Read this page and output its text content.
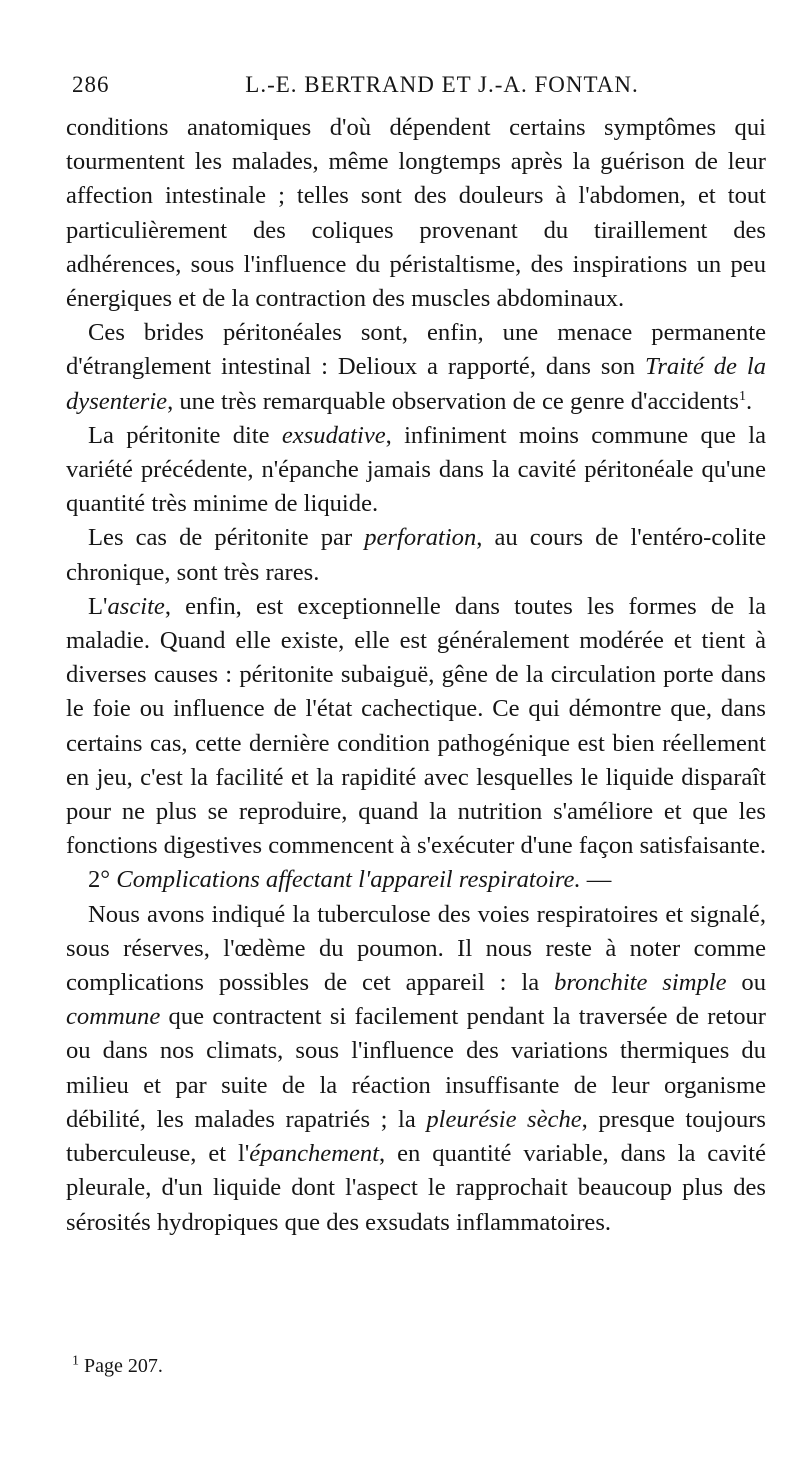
286	L.-E. BERTRAND ET J.-A. FONTAN.

conditions anatomiques d'où dépendent certains symptômes qui tourmentent les malades, même longtemps après la guérison de leur affection intestinale ; telles sont des douleurs à l'abdomen, et tout particulièrement des coliques provenant du tiraillement des adhérences, sous l'influence du péristaltisme, des inspirations un peu énergiques et de la contraction des muscles abdominaux.

Ces brides péritonéales sont, enfin, une menace permanente d'étranglement intestinal : Delioux a rapporté, dans son Traité de la dysenterie, une très remarquable observation de ce genre d'accidents$^1$.

La péritonite dite exsudative, infiniment moins commune que la variété précédente, n'épanche jamais dans la cavité péritonéale qu'une quantité très minime de liquide.

Les cas de péritonite par perforation, au cours de l'entéro-colite chronique, sont très rares.

L'ascite, enfin, est exceptionnelle dans toutes les formes de la maladie. Quand elle existe, elle est généralement modérée et tient à diverses causes : péritonite subaiguë, gêne de la circulation porte dans le foie ou influence de l'état cachectique. Ce qui démontre que, dans certains cas, cette dernière condition pathogénique est bien réellement en jeu, c'est la facilité et la rapidité avec lesquelles le liquide disparaît pour ne plus se reproduire, quand la nutrition s'améliore et que les fonctions digestives commencent à s'exécuter d'une façon satisfaisante.

2° Complications affectant l'appareil respiratoire. —

Nous avons indiqué la tuberculose des voies respiratoires et signalé, sous réserves, l'œdème du poumon. Il nous reste à noter comme complications possibles de cet appareil : la bronchite simple ou commune que contractent si facilement pendant la traversée de retour ou dans nos climats, sous l'influence des variations thermiques du milieu et par suite de la réaction insuffisante de leur organisme débilité, les malades rapatriés ; la pleurésie sèche, presque toujours tuberculeuse, et l'épanchement, en quantité variable, dans la cavité pleurale, d'un liquide dont l'aspect le rapprochait beaucoup plus des sérosités hydropiques que des exsudats inflammatoires.

$^1$ Page 207.
